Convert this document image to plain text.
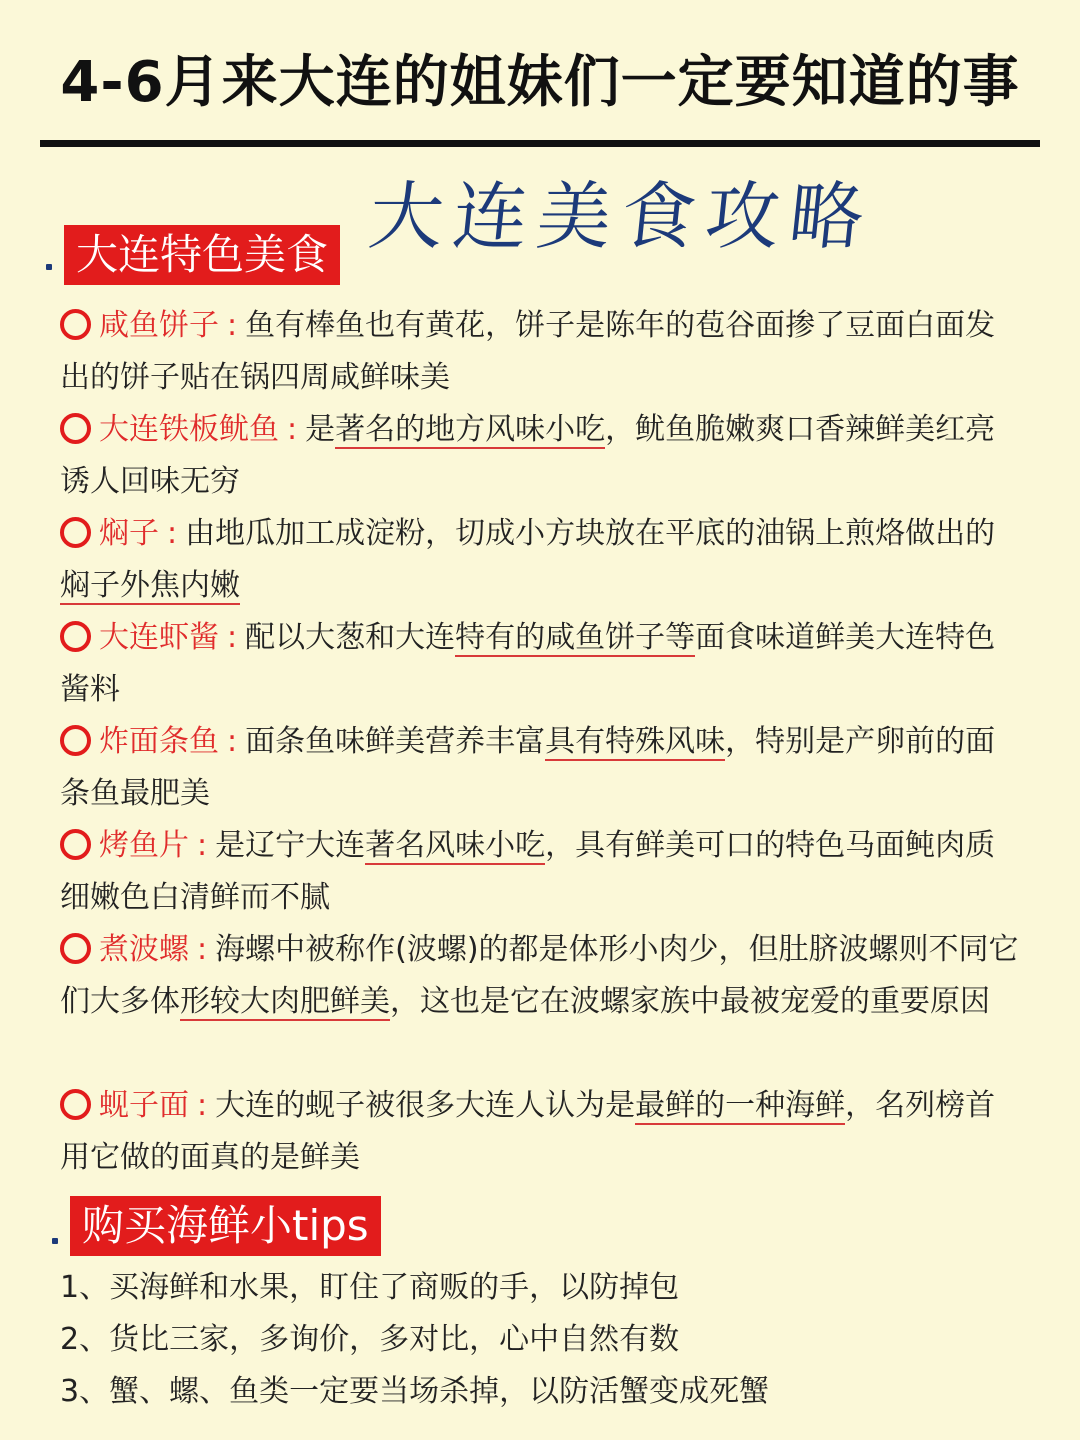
4-6月来大连的姐妹们一定要知道的事
大连美食攻略
大连特色美食
咸鱼饼子 : 鱼有棒鱼也有黄花，饼子是陈年的苞谷面掺了豆面白面发出的饼子贴在锅四周咸鲜味美
大连铁板鱿鱼 : 是著名的地方风味小吃，鱿鱼脆嫩爽口香辣鲜美红亮诱人回味无穷
焖子 : 由地瓜加工成淀粉，切成小方块放在平底的油锅上煎烙做出的焖子外焦内嫩
大连虾酱 : 配以大葱和大连特有的咸鱼饼子等面食味道鲜美大连特色酱料
炸面条鱼 : 面条鱼味鲜美营养丰富具有特殊风味，特别是产卵前的面条鱼最肥美
烤鱼片 : 是辽宁大连著名风味小吃，具有鲜美可口的特色马面鲀肉质细嫩色白清鲜而不腻
煮波螺 : 海螺中被称作(波螺)的都是体形小肉少，但肚脐波螺则不同它们大多体形较大肉肥鲜美，这也是它在波螺家族中最被宠爱的重要原因
蚬子面 : 大连的蚬子被很多大连人认为是最鲜的一种海鲜，名列榜首用它做的面真的是鲜美
购买海鲜小tips
1、买海鲜和水果，盯住了商贩的手，以防掉包
2、货比三家，多询价，多对比，心中自然有数
3、蟹、螺、鱼类一定要当场杀掉，以防活蟹变成死蟹
